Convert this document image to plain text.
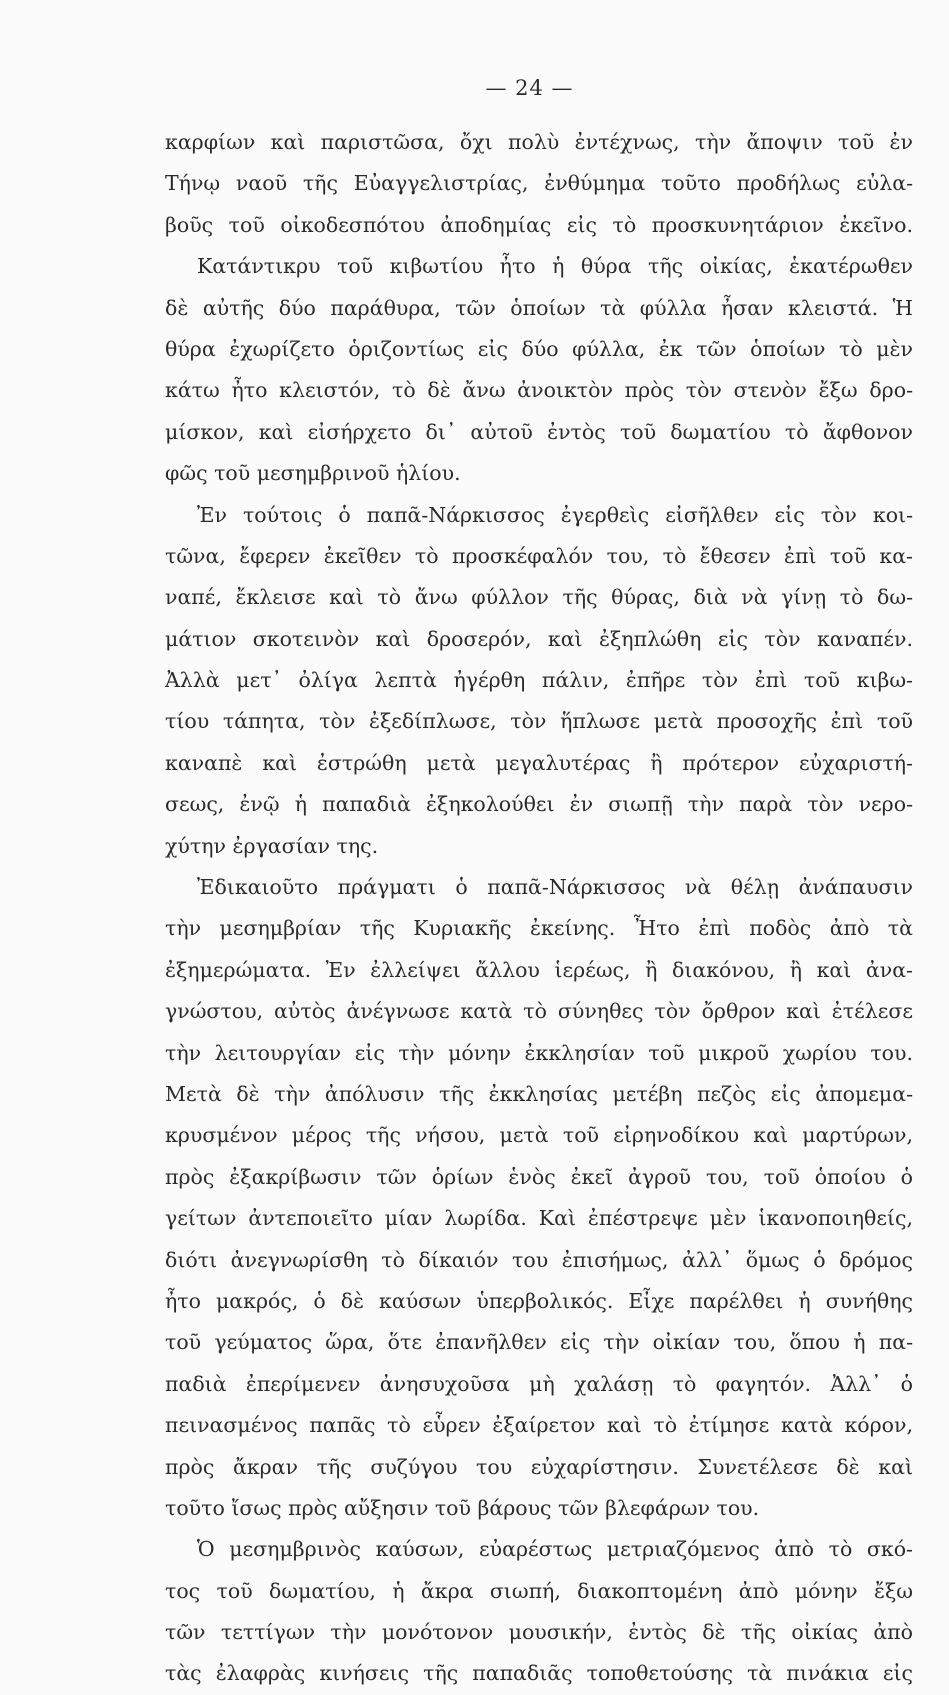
— 24 —
καρφίων καὶ παριστῶσα, ὄχι πολὺ ἐντέχνως, τὴν ἄποψιν τοῦ ἐν
Τήνῳ ναοῦ τῆς Εὐαγγελιστρίας, ἐνθύμημα τοῦτο προδήλως εὐλα-
βοῦς τοῦ οἰκοδεσπότου ἀποδημίας εἰς τὸ προσκυνητάριον ἐκεῖνο.
Κατάντικρυ τοῦ κιβωτίου ἦτο ἡ θύρα τῆς οἰκίας, ἑκατέρωθεν
δὲ αὐτῆς δύο παράθυρα, τῶν ὁποίων τὰ φύλλα ἦσαν κλειστά. Ἡ
θύρα ἐχωρίζετο ὁριζοντίως εἰς δύο φύλλα, ἐκ τῶν ὁποίων τὸ μὲν
κάτω ἦτο κλειστόν, τὸ δὲ ἄνω ἀνοικτὸν πρὸς τὸν στενὸν ἔξω δρο-
μίσκον, καὶ εἰσήρχετο δι᾽ αὐτοῦ ἐντὸς τοῦ δωματίου τὸ ἄφθονον
φῶς τοῦ μεσημβρινοῦ ἡλίου.
Ἐν τούτοις ὁ παπᾶ-Νάρκισσος ἐγερθεὶς εἰσῆλθεν εἰς τὸν κοι-
τῶνα, ἔφερεν ἐκεῖθεν τὸ προσκέφαλόν του, τὸ ἔθεσεν ἐπὶ τοῦ κα-
ναπέ, ἔκλεισε καὶ τὸ ἄνω φύλλον τῆς θύρας, διὰ νὰ γίνῃ τὸ δω-
μάτιον σκοτεινὸν καὶ δροσερόν, καὶ ἐξηπλώθη εἰς τὸν καναπέν.
Ἀλλὰ μετ᾽ ὀλίγα λεπτὰ ἠγέρθη πάλιν, ἐπῆρε τὸν ἐπὶ τοῦ κιβω-
τίου τάπητα, τὸν ἐξεδίπλωσε, τὸν ἥπλωσε μετὰ προσοχῆς ἐπὶ τοῦ
καναπὲ καὶ ἐστρώθη μετὰ μεγαλυτέρας ἢ πρότερον εὐχαριστή-
σεως, ἐνῷ ἡ παπαδιὰ ἐξηκολούθει ἐν σιωπῇ τὴν παρὰ τὸν νερο-
χύτην ἐργασίαν της.
Ἐδικαιοῦτο πράγματι ὁ παπᾶ-Νάρκισσος νὰ θέλῃ ἀνάπαυσιν
τὴν μεσημβρίαν τῆς Κυριακῆς ἐκείνης. Ἦτο ἐπὶ ποδὸς ἀπὸ τὰ
ἐξημερώματα. Ἐν ἐλλείψει ἄλλου ἱερέως, ἢ διακόνου, ἢ καὶ ἀνα-
γνώστου, αὐτὸς ἀνέγνωσε κατὰ τὸ σύνηθες τὸν ὄρθρον καὶ ἐτέλεσε
τὴν λειτουργίαν εἰς τὴν μόνην ἐκκλησίαν τοῦ μικροῦ χωρίου του.
Μετὰ δὲ τὴν ἀπόλυσιν τῆς ἐκκλησίας μετέβη πεζὸς εἰς ἀπομεμα-
κρυσμένον μέρος τῆς νήσου, μετὰ τοῦ εἰρηνοδίκου καὶ μαρτύρων,
πρὸς ἐξακρίβωσιν τῶν ὁρίων ἑνὸς ἐκεῖ ἀγροῦ του, τοῦ ὁποίου ὁ
γείτων ἀντεποιεῖτο μίαν λωρίδα. Καὶ ἐπέστρεψε μὲν ἱκανοποιηθείς,
διότι ἀνεγνωρίσθη τὸ δίκαιόν του ἐπισήμως, ἀλλ᾽ ὅμως ὁ δρόμος
ἦτο μακρός, ὁ δὲ καύσων ὑπερβολικός. Εἶχε παρέλθει ἡ συνήθης
τοῦ γεύματος ὥρα, ὅτε ἐπανῆλθεν εἰς τὴν οἰκίαν του, ὅπου ἡ πα-
παδιὰ ἐπερίμενεν ἀνησυχοῦσα μὴ χαλάσῃ τὸ φαγητόν. Ἀλλ᾽ ὁ
πεινασμένος παπᾶς τὸ εὗρεν ἐξαίρετον καὶ τὸ ἐτίμησε κατὰ κόρον,
πρὸς ἄκραν τῆς συζύγου του εὐχαρίστησιν. Συνετέλεσε δὲ καὶ
τοῦτο ἴσως πρὸς αὔξησιν τοῦ βάρους τῶν βλεφάρων του.
Ὁ μεσημβρινὸς καύσων, εὐαρέστως μετριαζόμενος ἀπὸ τὸ σκό-
τος τοῦ δωματίου, ἡ ἄκρα σιωπή, διακοπτομένη ἀπὸ μόνην ἔξω
τῶν τεττίγων τὴν μονότονον μουσικήν, ἐντὸς δὲ τῆς οἰκίας ἀπὸ
τὰς ἐλαφρὰς κινήσεις τῆς παπαδιᾶς τοποθετούσης τὰ πινάκια εἰς
